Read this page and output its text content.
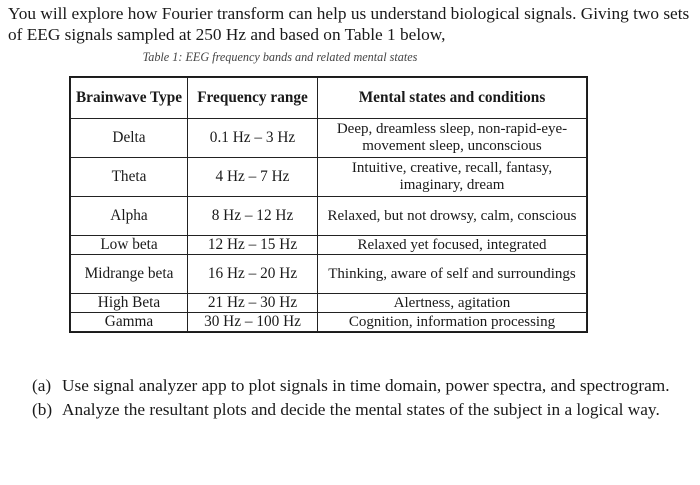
You will explore how Fourier transform can help us understand biological signals. Giving two sets of EEG signals sampled at 250 Hz and based on Table 1 below,

Table 1: EEG frequency bands and related mental states

Brainwave Type	Frequency range	Mental states and conditions
Delta	0.1 Hz – 3 Hz	Deep, dreamless sleep, non-rapid-eye-movement sleep, unconscious
Theta	4 Hz – 7 Hz	Intuitive, creative, recall, fantasy, imaginary, dream
Alpha	8 Hz – 12 Hz	Relaxed, but not drowsy, calm, conscious
Low beta	12 Hz – 15 Hz	Relaxed yet focused, integrated
Midrange beta	16 Hz – 20 Hz	Thinking, aware of self and surroundings
High Beta	21 Hz – 30 Hz	Alertness, agitation
Gamma	30 Hz – 100 Hz	Cognition, information processing
(a) Use signal analyzer app to plot signals in time domain, power spectra, and spectrogram.
(b) Analyze the resultant plots and decide the mental states of the subject in a logical way.
